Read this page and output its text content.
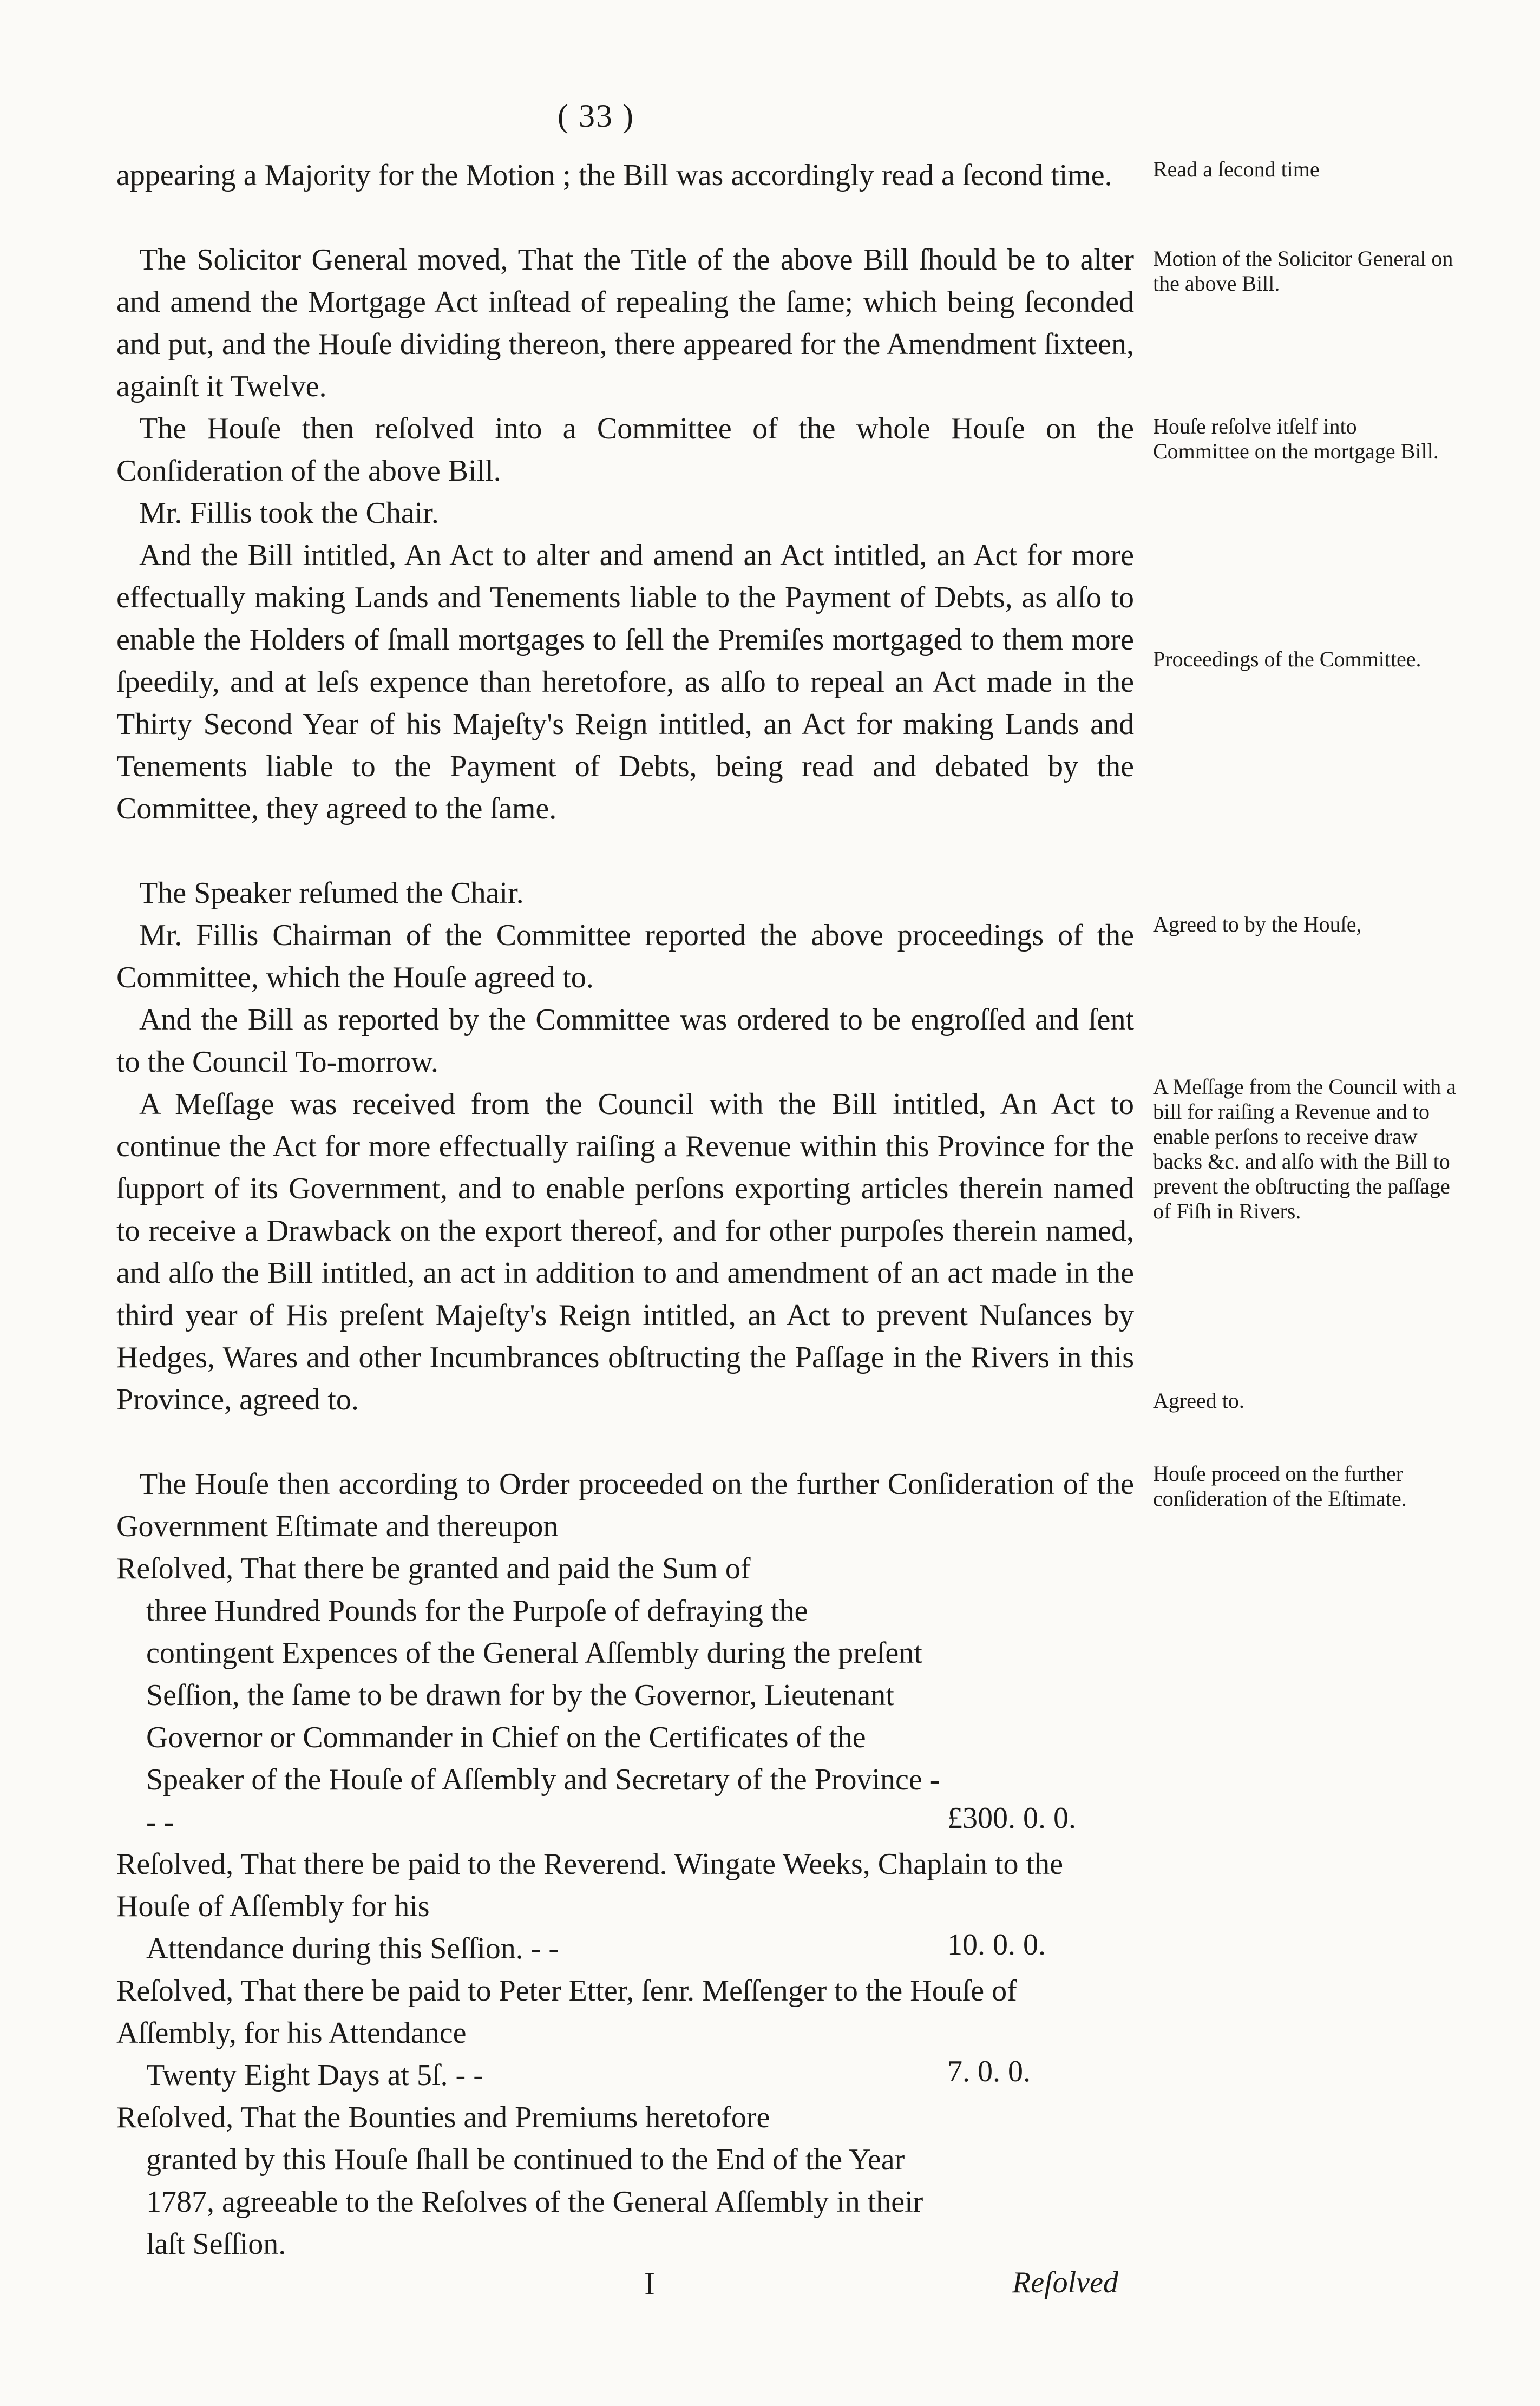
( 33 )

appearing a Majority for the Motion ; the Bill was accordingly read a ſecond time.

The Solicitor General moved, That the Title of the above Bill ſhould be to alter and amend the Mortgage Act inſtead of repealing the ſame; which being ſeconded and put, and the Houſe dividing thereon, there appeared for the Amendment ſixteen, againſt it Twelve.

The Houſe then reſolved into a Committee of the whole Houſe on the Conſideration of the above Bill.

Mr. Fillis took the Chair.

And the Bill intitled, An Act to alter and amend an Act intitled, an Act for more effectually making Lands and Tenements liable to the Payment of Debts, as alſo to enable the Holders of ſmall mortgages to ſell the Premiſes mortgaged to them more ſpeedily, and at leſs expence than heretofore, as alſo to repeal an Act made in the Thirty Second Year of his Majeſty's Reign intitled, an Act for making Lands and Tenements liable to the Payment of Debts, being read and debated by the Committee, they agreed to the ſame.

The Speaker reſumed the Chair.

Mr. Fillis Chairman of the Committee reported the above proceedings of the Committee, which the Houſe agreed to.

And the Bill as reported by the Committee was ordered to be engroſſed and ſent to the Council To-morrow.

A Meſſage was received from the Council with the Bill intitled, An Act to continue the Act for more effectually raiſing a Revenue within this Province for the ſupport of its Government, and to enable perſons exporting articles therein named to receive a Drawback on the export thereof, and for other purpoſes therein named, and alſo the Bill intitled, an act in addition to and amendment of an act made in the third year of His preſent Majeſty's Reign intitled, an Act to prevent Nuſances by Hedges, Wares and other Incumbrances obſtructing the Paſſage in the Rivers in this Province, agreed to.

The Houſe then according to Order proceeded on the further Conſideration of the Government Eſtimate and thereupon

Reſolved, That there be granted and paid the Sum of
three Hundred Pounds for the Purpoſe of defraying the contingent Expences of the General Aſſembly during the preſent Seſſion, the ſame to be drawn for by the Governor, Lieutenant Governor or Commander in Chief on the Certificates of the Speaker of the Houſe of Aſſembly and Secretary of the Province - - -	£300. 0. 0.
Reſolved, That there be paid to the Reverend. Wingate Weeks, Chaplain to the Houſe of Aſſembly for his
Attendance during this Seſſion. - -	10. 0. 0.
Reſolved, That there be paid to Peter Etter, ſenr. Meſſenger to the Houſe of Aſſembly, for his Attendance
Twenty Eight Days at 5ſ. - -	7. 0. 0.
Reſolved, That the Bounties and Premiums heretofore
granted by this Houſe ſhall be continued to the End of the Year 1787, agreeable to the Reſolves of the General Aſſembly in their laſt Seſſion.

Read a ſecond time

Motion of the Solicitor General on the above Bill.

Houſe reſolve itſelf into Committee on the mortgage Bill.

Proceedings of the Committee.

Agreed to by the Houſe,

A Meſſage from the Council with a bill for raiſing a Revenue and to enable perſons to receive draw backs &c. and alſo with the Bill to prevent the obſtructing the paſſage of Fiſh in Rivers.

Agreed to.

Houſe proceed on the further conſideration of the Eſtimate.

I	Reſolved
